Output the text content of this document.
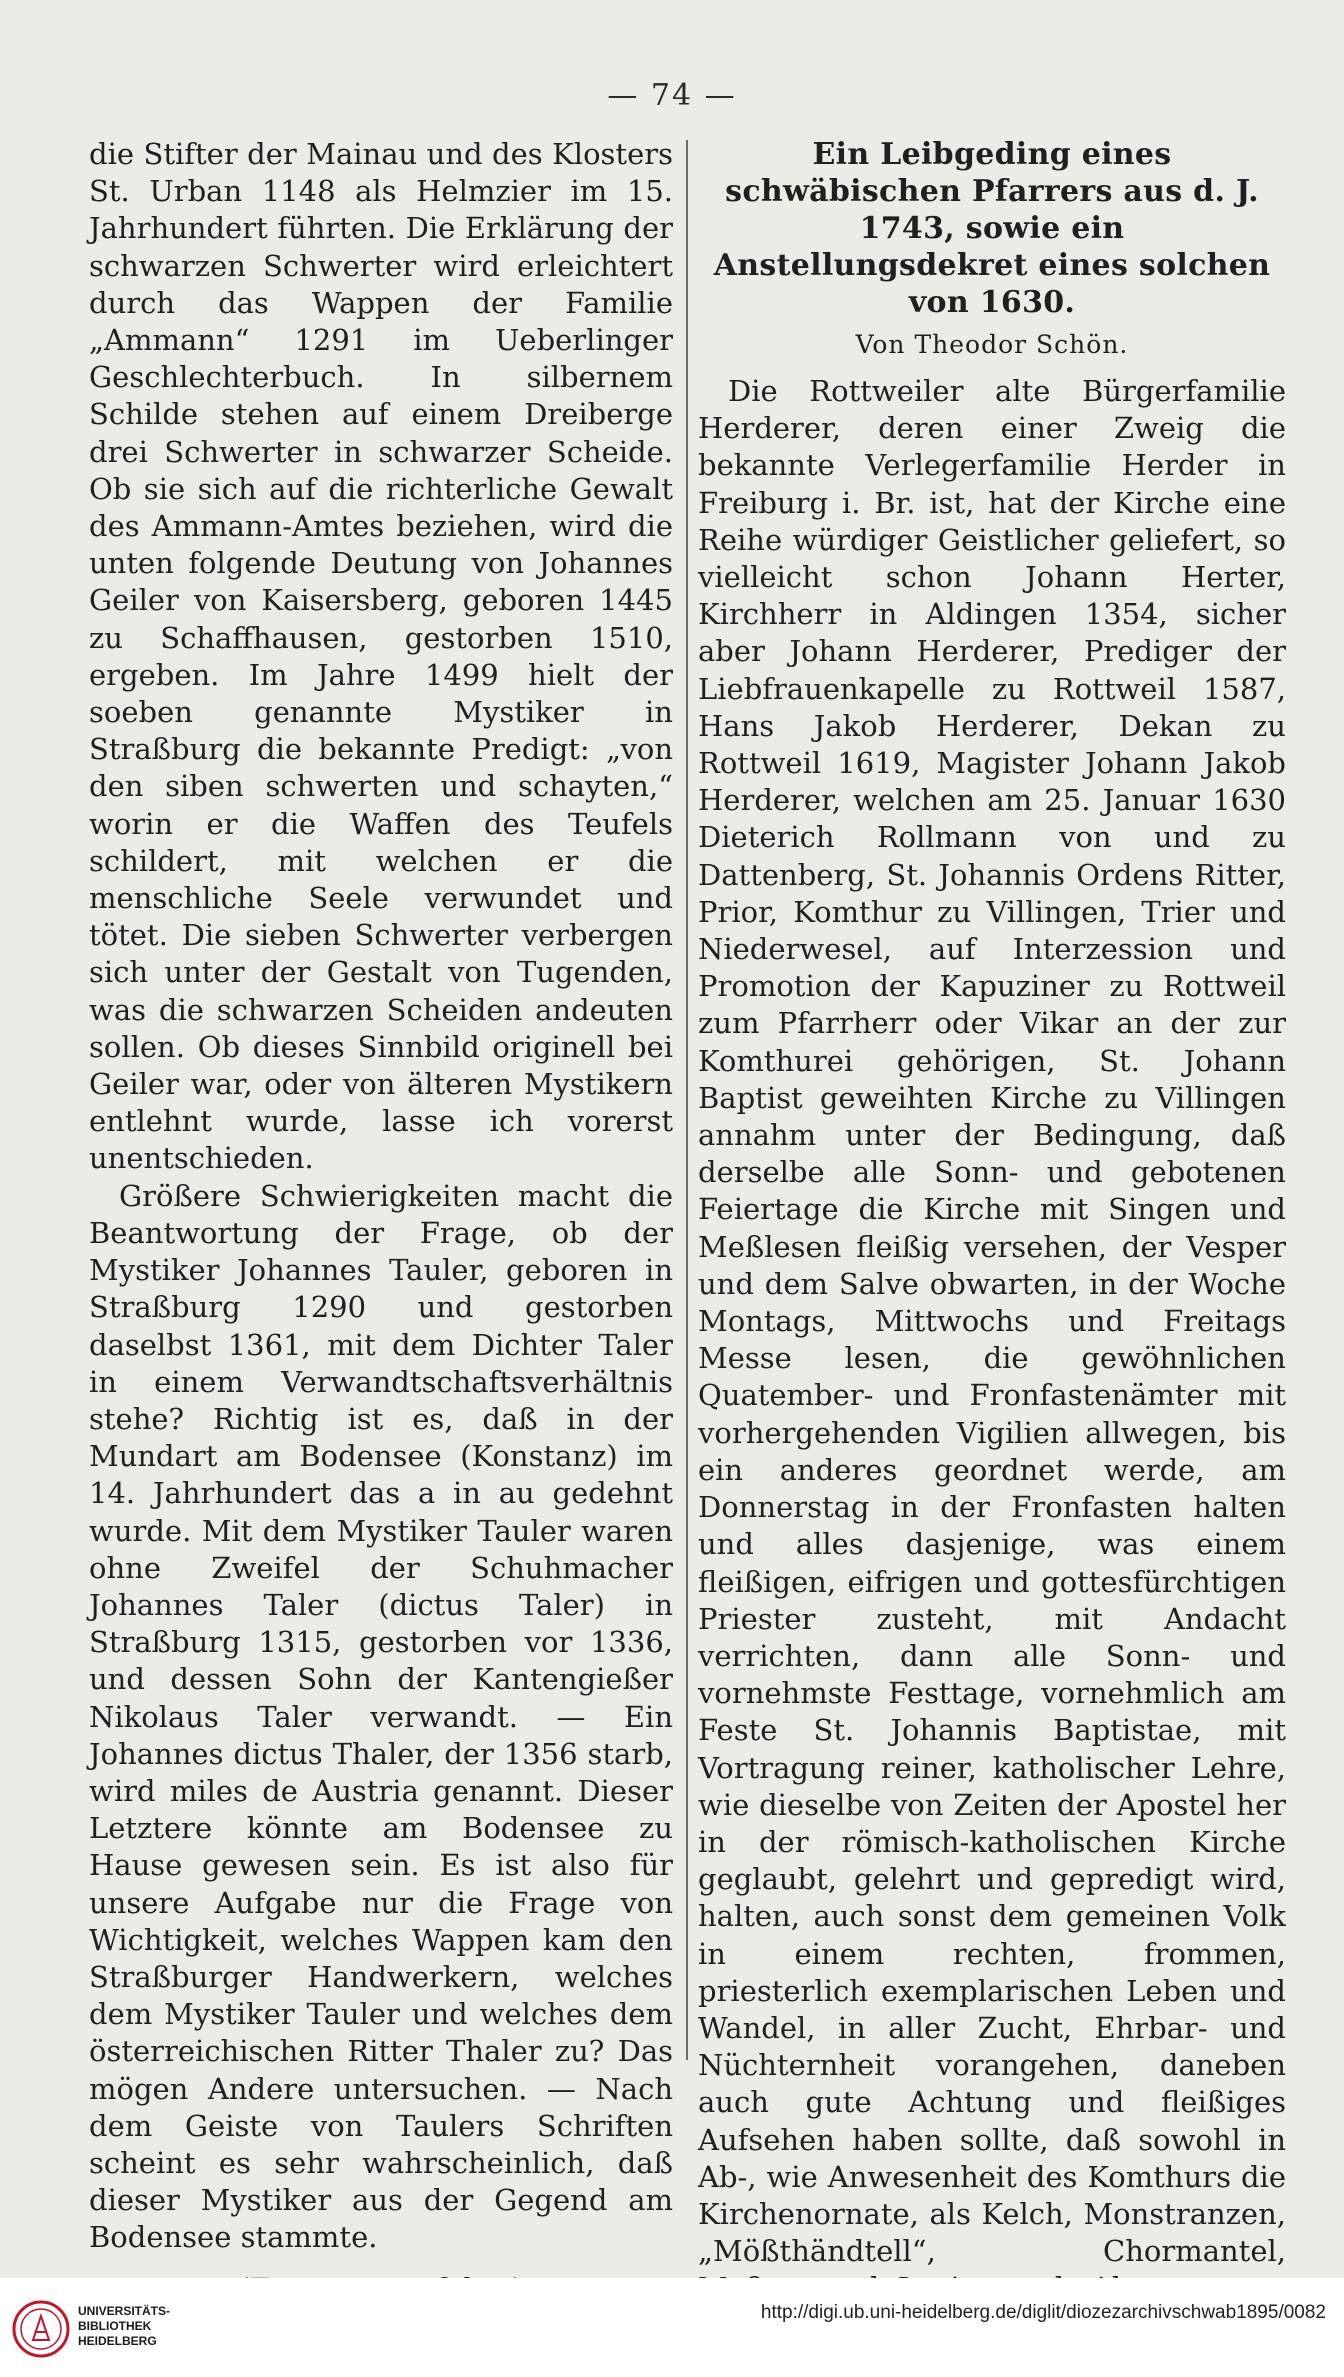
— 74 —

die Stifter der Mainau und des Klosters St. Urban 1148 als Helmzier im 15. Jahrhundert führten. Die Erklärung der schwarzen Schwerter wird erleichtert durch das Wappen der Familie „Ammann“ 1291 im Ueberlinger Geschlechterbuch. In silbernem Schilde stehen auf einem Dreiberge drei Schwerter in schwarzer Scheide. Ob sie sich auf die richterliche Gewalt des Ammann-Amtes beziehen, wird die unten folgende Deutung von Johannes Geiler von Kaisersberg, geboren 1445 zu Schaffhausen, gestorben 1510, ergeben. Im Jahre 1499 hielt der soeben genannte Mystiker in Straßburg die bekannte Predigt: „von den siben schwerten und schayten,“ worin er die Waffen des Teufels schildert, mit welchen er die menschliche Seele verwundet und tötet. Die sieben Schwerter verbergen sich unter der Gestalt von Tugenden, was die schwarzen Scheiden andeuten sollen. Ob dieses Sinnbild originell bei Geiler war, oder von älteren Mystikern entlehnt wurde, lasse ich vorerst unentschieden.

Größere Schwierigkeiten macht die Beantwortung der Frage, ob der Mystiker Johannes Tauler, geboren in Straßburg 1290 und gestorben daselbst 1361, mit dem Dichter Taler in einem Verwandtschaftsverhältnis stehe? Richtig ist es, daß in der Mundart am Bodensee (Konstanz) im 14. Jahrhundert das a in au gedehnt wurde. Mit dem Mystiker Tauler waren ohne Zweifel der Schuhmacher Johannes Taler (dictus Taler) in Straßburg 1315, gestorben vor 1336, und dessen Sohn der Kantengießer Nikolaus Taler verwandt. — Ein Johannes dictus Thaler, der 1356 starb, wird miles de Austria genannt. Dieser Letztere könnte am Bodensee zu Hause gewesen sein. Es ist also für unsere Aufgabe nur die Frage von Wichtigkeit, welches Wappen kam den Straßburger Handwerkern, welches dem Mystiker Tauler und welches dem österreichischen Ritter Thaler zu? Das mögen Andere untersuchen. — Nach dem Geiste von Taulers Schriften scheint es sehr wahrscheinlich, daß dieser Mystiker aus der Gegend am Bodensee stammte.

Ein Leibgeding eines schwäbischen Pfarrers aus d. J. 1743, sowie ein Anstellungsdekret eines solchen von 1630.
Von Theodor Schön.

Die Rottweiler alte Bürgerfamilie Herderer, deren einer Zweig die bekannte Verlegerfamilie Herder in Freiburg i. Br. ist, hat der Kirche eine Reihe würdiger Geistlicher geliefert, so vielleicht schon Johann Herter, Kirchherr in Aldingen 1354, sicher aber Johann Herderer, Prediger der Liebfrauenkapelle zu Rottweil 1587, Hans Jakob Herderer, Dekan zu Rottweil 1619, Magister Johann Jakob Herderer, welchen am 25. Januar 1630 Dieterich Rollmann von und zu Dattenberg, St. Johannis Ordens Ritter, Prior, Komthur zu Villingen, Trier und Niederwesel, auf Interzession und Promotion der Kapuziner zu Rottweil zum Pfarrherr oder Vikar an der zur Komthurei gehörigen, St. Johann Baptist geweihten Kirche zu Villingen annahm unter der Bedingung, daß derselbe alle Sonn- und gebotenen Feiertage die Kirche mit Singen und Meßlesen fleißig versehen, der Vesper und dem Salve obwarten, in der Woche Montags, Mittwochs und Freitags Messe lesen, die gewöhnlichen Quatember- und Fronfastenämter mit vorhergehenden Vigilien allwegen, bis ein anderes geordnet werde, am Donnerstag in der Fronfasten halten und alles dasjenige, was einem fleißigen, eifrigen und gottesfürchtigen Priester zusteht, mit Andacht verrichten, dann alle Sonn- und vornehmste Festtage, vornehmlich am Feste St. Johannis Baptistae, mit Vortragung reiner, katholischer Lehre, wie dieselbe von Zeiten der Apostel her in der römisch-katholischen Kirche geglaubt, gelehrt und gepredigt wird, halten, auch sonst dem gemeinen Volk in einem rechten, frommen, priesterlich exemplarischen Leben und Wandel, in aller Zucht, Ehrbar- und Nüchternheit vorangehen, daneben auch gute Achtung und fleißiges Aufsehen haben sollte, daß sowohl in Ab-, wie Anwesenheit des Komthurs die Kirchenornate, als Kelch, Monstranzen, „Mößthändtell“, Chormantel,

UNIVERSITÄTS-
BIBLIOTHEK
HEIDELBERG
http://digi.ub.uni-heidelberg.de/diglit/diozezarchivschwab1895/0082
